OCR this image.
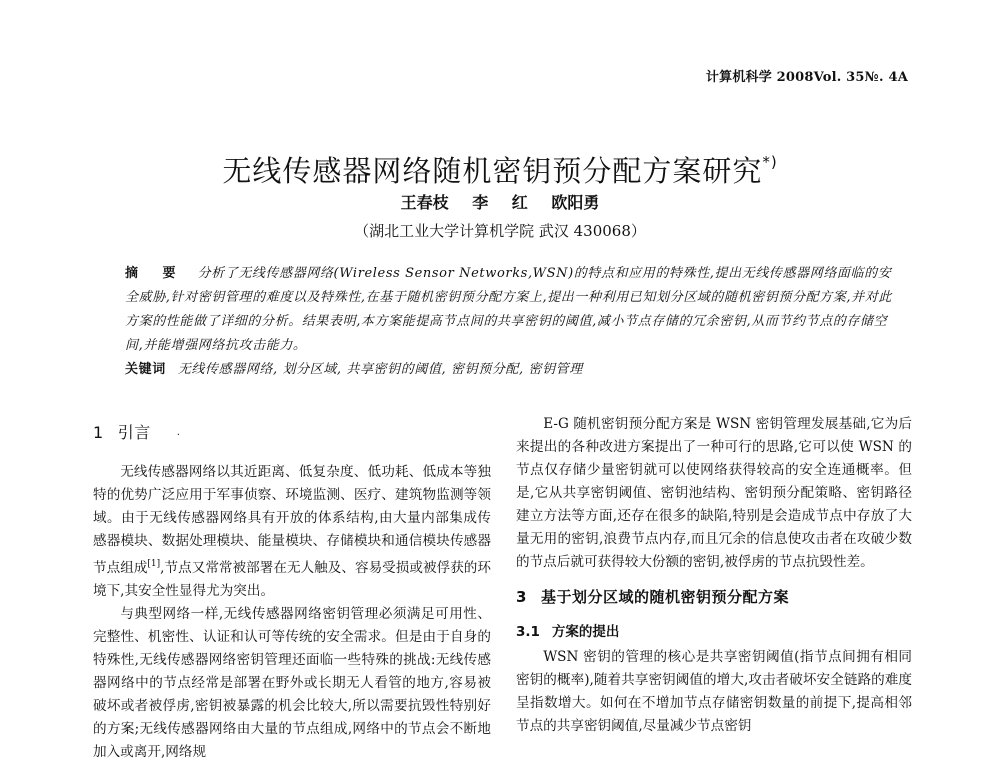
计算机科学 2008Vol. 35№. 4A
无线传感器网络随机密钥预分配方案研究*)
王春枝 李 红 欧阳勇
（湖北工业大学计算机学院 武汉 430068）

摘 要 分析了无线传感器网络(Wireless Sensor Networks,WSN)的特点和应用的特殊性,提出无线传感器网络面临的安全威胁,针对密钥管理的难度以及特殊性,在基于随机密钥预分配方案上,提出一种利用已知划分区域的随机密钥预分配方案,并对此方案的性能做了详细的分析。结果表明,本方案能提高节点间的共享密钥的阈值,减小节点存储的冗余密钥,从而节约节点的存储空间,并能增强网络抗攻击能力。

关键词 无线传感器网络, 划分区域, 共享密钥的阈值, 密钥预分配, 密钥管理

1 引言	·

无线传感器网络以其近距离、低复杂度、低功耗、低成本等独特的优势广泛应用于军事侦察、环境监测、医疗、建筑物监测等领域。由于无线传感器网络具有开放的体系结构,由大量内部集成传感器模块、数据处理模块、能量模块、存储模块和通信模块传感器节点组成[1],节点又常常被部署在无人触及、容易受损或被俘获的环境下,其安全性显得尤为突出。

与典型网络一样,无线传感器网络密钥管理必须满足可用性、完整性、机密性、认证和认可等传统的安全需求。但是由于自身的特殊性,无线传感器网络密钥管理还面临一些特殊的挑战:无线传感器网络中的节点经常是部署在野外或长期无人看管的地方,容易被破坏或者被俘虏,密钥被暴露的机会比较大,所以需要抗毁性特别好的方案;无线传感器网络由大量的节点组成,网络中的节点会不断地加入或离开,网络规

E-G 随机密钥预分配方案是 WSN 密钥管理发展基础,它为后来提出的各种改进方案提出了一种可行的思路,它可以使 WSN 的节点仅存储少量密钥就可以使网络获得较高的安全连通概率。但是,它从共享密钥阈值、密钥池结构、密钥预分配策略、密钥路径建立方法等方面,还存在很多的缺陷,特别是会造成节点中存放了大量无用的密钥,浪费节点内存,而且冗余的信息使攻击者在攻破少数的节点后就可获得较大份额的密钥,被俘虏的节点抗毁性差。

3 基于划分区域的随机密钥预分配方案
3.1 方案的提出

WSN 密钥的管理的核心是共享密钥阈值(指节点间拥有相同密钥的概率),随着共享密钥阈值的增大,攻击者破坏安全链路的难度呈指数增大。如何在不增加节点存储密钥数量的前提下,提高相邻节点的共享密钥阈值,尽量减少节点密钥
